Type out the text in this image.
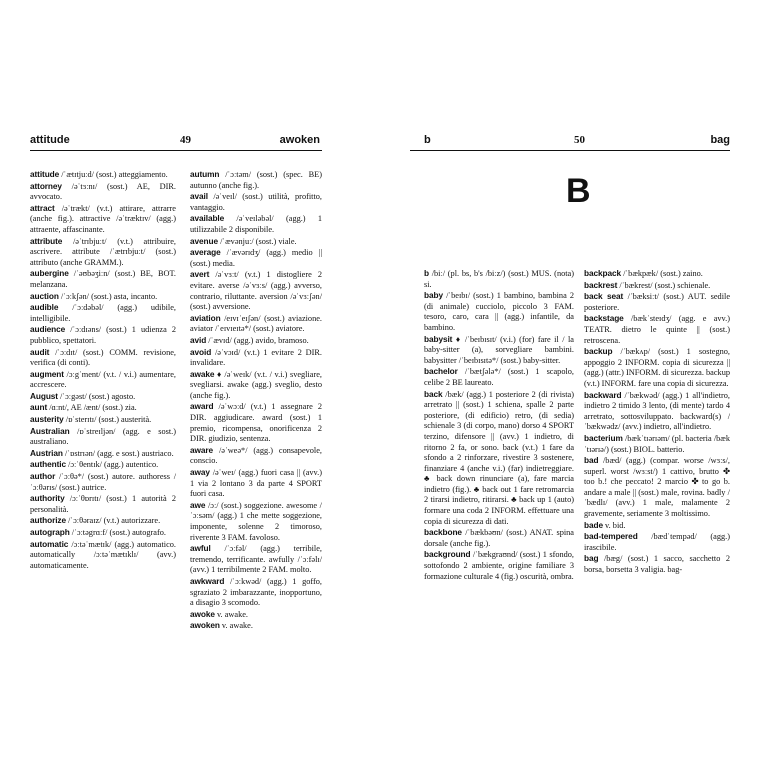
attitude	49	awoken

attitude /ˈætɪtjuːd/ (sost.) atteggiamento.

attorney /əˈtɜːnɪ/ (sost.) AE, DIR. avvocato.

attract /əˈtrækt/ (v.t.) attirare, attrarre (anche fig.). attractive /əˈtræktɪv/ (agg.) attraente, affascinante.

attribute /əˈtrɪbjuːt/ (v.t.) attribuire, ascrivere. attribute /ˈætrɪbjuːt/ (sost.) attributo (anche GRAMM.).

aubergine /ˈəʊbəʒiːn/ (sost.) BE, BOT. melanzana.

auction /ˈɔːkʃən/ (sost.) asta, incanto.

audible /ˈɔːdəbəl/ (agg.) udibile, intelligibile.

audience /ˈɔːdɪəns/ (sost.) 1 udienza 2 pubblico, spettatori.

audit /ˈɔːdɪt/ (sost.) COMM. revisione, verifica (di conti).

augment /ɔːgˈment/ (v.t. / v.i.) aumentare, accrescere.

August /ˈɔːgəst/ (sost.) agosto.

aunt /ɑːnt/, AE /ænt/ (sost.) zia.

austerity /ɒˈsterɪtɪ/ (sost.) austerità.

Australian /ɒˈstreɪljən/ (agg. e sost.) australiano.

Austrian /ˈɒstrɪən/ (agg. e sost.) austriaco.

authentic /ɔːˈθentɪk/ (agg.) autentico.

author /ˈɔːθə*/ (sost.) autore. authoress /ˈɔːθərɪs/ (sost.) autrice.

authority /ɔːˈθɒrɪtɪ/ (sost.) 1 autorità 2 personalità.

authorize /ˈɔːθəraɪz/ (v.t.) autorizzare.

autograph /ˈɔːtəgrɑːf/ (sost.) autografo.

automatic /ɔːtəˈmætɪk/ (agg.) automatico. automatically /ɔːtəˈmætɪklɪ/ (avv.) automaticamente.

autumn /ˈɔːtəm/ (sost.) (spec. BE) autunno (anche fig.).

avail /əˈveɪl/ (sost.) utilità, profitto, vantaggio.

available /əˈveɪləbəl/ (agg.) 1 utilizzabile 2 disponibile.

avenue /ˈævənjuː/ (sost.) viale.

average /ˈævərɪdʒ/ (agg.) medio || (sost.) media.

avert /əˈvɜːt/ (v.t.) 1 distogliere 2 evitare. averse /əˈvɜːs/ (agg.) avverso, contrario, riluttante. aversion /əˈvɜːʃən/ (sost.) avversione.

aviation /eɪvɪˈeɪʃən/ (sost.) aviazione. aviator /ˈeɪvɪeɪtə*/ (sost.) aviatore.

avid /ˈævɪd/ (agg.) avido, bramoso.

avoid /əˈvɔɪd/ (v.t.) 1 evitare 2 DIR. invalidare.

awake ♦ /əˈweɪk/ (v.t. / v.i.) svegliare, svegliarsi. awake (agg.) sveglio, desto (anche fig.).

award /əˈwɔːd/ (v.t.) 1 assegnare 2 DIR. aggiudicare. award (sost.) 1 premio, ricompensa, onorificenza 2 DIR. giudizio, sentenza.

aware /əˈweə*/ (agg.) consapevole, conscio.

away /əˈweɪ/ (agg.) fuori casa || (avv.) 1 via 2 lontano 3 da parte 4 SPORT fuori casa.

awe /ɔː/ (sost.) soggezione. awesome /ˈɔːsəm/ (agg.) 1 che mette soggezione, imponente, solenne 2 timoroso, riverente 3 FAM. favoloso.

awful /ˈɔːfəl/ (agg.) terribile, tremendo, terrificante. awfully /ˈɔːfəlɪ/ (avv.) 1 terribilmente 2 FAM. molto.

awkward /ˈɔːkwəd/ (agg.) 1 goffo, sgraziato 2 imbarazzante, inopportuno, a disagio 3 scomodo.

awoke v. awake.

awoken v. awake.

b	50	bag
B

b /biː/ (pl. bs, b's /biːz/) (sost.) MUS. (nota) si.

baby /ˈbeɪbɪ/ (sost.) 1 bambino, bambina 2 (di animale) cucciolo, piccolo 3 FAM. tesoro, caro, cara || (agg.) infantile, da bambino.

babysit ♦ /ˈbeɪbɪsɪt/ (v.i.) (for) fare il / la baby-sitter (a), sorvegliare bambini. babysitter /ˈbeɪbɪsɪtə*/ (sost.) baby-sitter.

bachelor /ˈbætʃələ*/ (sost.) 1 scapolo, celibe 2 BE laureato.

back /bæk/ (agg.) 1 posteriore 2 (di rivista) arretrato || (sost.) 1 schiena, spalle 2 parte posteriore, (di edificio) retro, (di sedia) schienale 3 (di corpo, mano) dorso 4 SPORT terzino, difensore || (avv.) 1 indietro, di ritorno 2 fa, or sono. back (v.t.) 1 fare da sfondo a 2 rinforzare, rivestire 3 sostenere, finanziare 4 (anche v.i.) (far) indietreggiare. ♣ back down rinunciare (a), fare marcia indietro (fig.). ♣ back out 1 fare retromarcia 2 tirarsi indietro, ritirarsi. ♣ back up 1 (auto) formare una coda 2 INFORM. effettuare una copia di sicurezza di dati.

backbone /ˈbækbəʊn/ (sost.) ANAT. spina dorsale (anche fig.).

background /ˈbækgraʊnd/ (sost.) 1 sfondo, sottofondo 2 ambiente, origine familiare 3 formazione culturale 4 (fig.) oscurità, ombra.

backpack /ˈbækpæk/ (sost.) zaino.

backrest /ˈbækrest/ (sost.) schienale.

back seat /ˈbæksiːt/ (sost.) AUT. sedile posteriore.

backstage /bækˈsteɪdʒ/ (agg. e avv.) TEATR. dietro le quinte || (sost.) retroscena.

backup /ˈbækʌp/ (sost.) 1 sostegno, appoggio 2 INFORM. copia di sicurezza || (agg.) (attr.) INFORM. di sicurezza. backup (v.t.) INFORM. fare una copia di sicurezza.

backward /ˈbækwəd/ (agg.) 1 all'indietro, indietro 2 timido 3 lento, (di mente) tardo 4 arretrato, sottosviluppato. backward(s) /ˈbækwədz/ (avv.) indietro, all'indietro.

bacterium /bækˈtɪərɪəm/ (pl. bacteria /bækˈtɪərɪə/) (sost.) BIOL. batterio.

bad /bæd/ (agg.) (compar. worse /wɜːs/, superl. worst /wɜːst/) 1 cattivo, brutto ✤ too b.! che peccato! 2 marcio ✤ to go b. andare a male || (sost.) male, rovina. badly /ˈbædlɪ/ (avv.) 1 male, malamente 2 gravemente, seriamente 3 moltissimo.

bade v. bid.

bad-tempered /bædˈtempəd/ (agg.) irascibile.

bag /bæg/ (sost.) 1 sacco, sacchetto 2 borsa, borsetta 3 valigia. bag-
